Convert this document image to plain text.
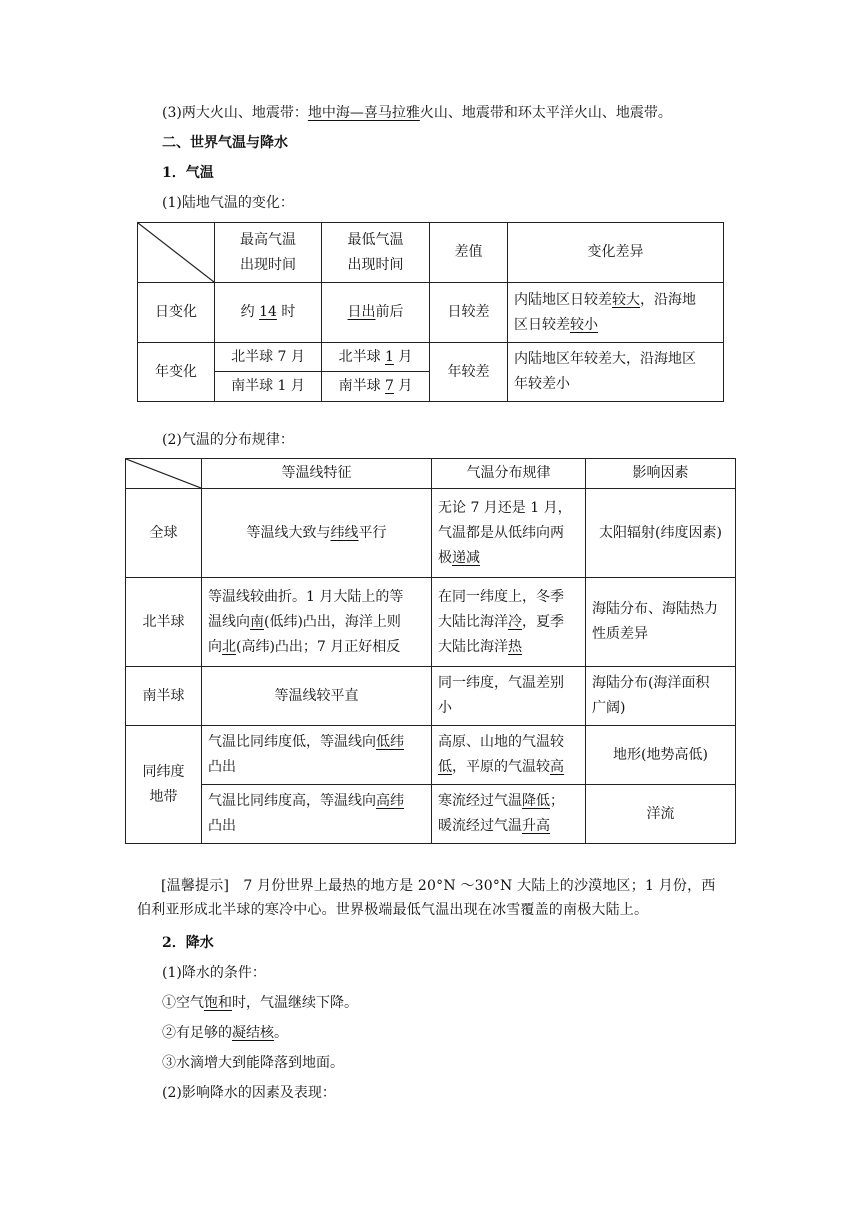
(3)两大火山、地震带：地中海—喜马拉雅火山、地震带和环太平洋火山、地震带。
二、世界气温与降水
1．气温
(1)陆地气温的变化：
	最高气温
出现时间	最低气温
出现时间	差值	变化差异
日变化	约 14 时	日出前后	日较差	内陆地区日较差较大，沿海地
区日较差较小
年变化	北半球 7 月	北半球 1 月	年较差	内陆地区年较差大，沿海地区
年较差小
	南半球 1 月	南半球 7 月		
(2)气温的分布规律：
	等温线特征	气温分布规律	影响因素
全球	等温线大致与纬线平行	无论 7 月还是 1 月，
气温都是从低纬向两
极递减	太阳辐射(纬度因素)
北半球	等温线较曲折。1 月大陆上的等
温线向南(低纬)凸出，海洋上则
向北(高纬)凸出；7 月正好相反	在同一纬度上，冬季
大陆比海洋冷，夏季
大陆比海洋热	海陆分布、海陆热力
性质差异
南半球	等温线较平直	同一纬度，气温差别
小	海陆分布(海洋面积
广阔)
同纬度
地带	气温比同纬度低，等温线向低纬
凸出	高原、山地的气温较
低，平原的气温较高	地形(地势高低)
	气温比同纬度高，等温线向高纬
凸出	寒流经过气温降低；
暖流经过气温升高	洋流
[温馨提示]　7 月份世界上最热的地方是 20°N ～30°N 大陆上的沙漠地区；1 月份，西伯利亚形成北半球的寒冷中心。世界极端最低气温出现在冰雪覆盖的南极大陆上。
2．降水
(1)降水的条件：
①空气饱和时，气温继续下降。
②有足够的凝结核。
③水滴增大到能降落到地面。
(2)影响降水的因素及表现：
